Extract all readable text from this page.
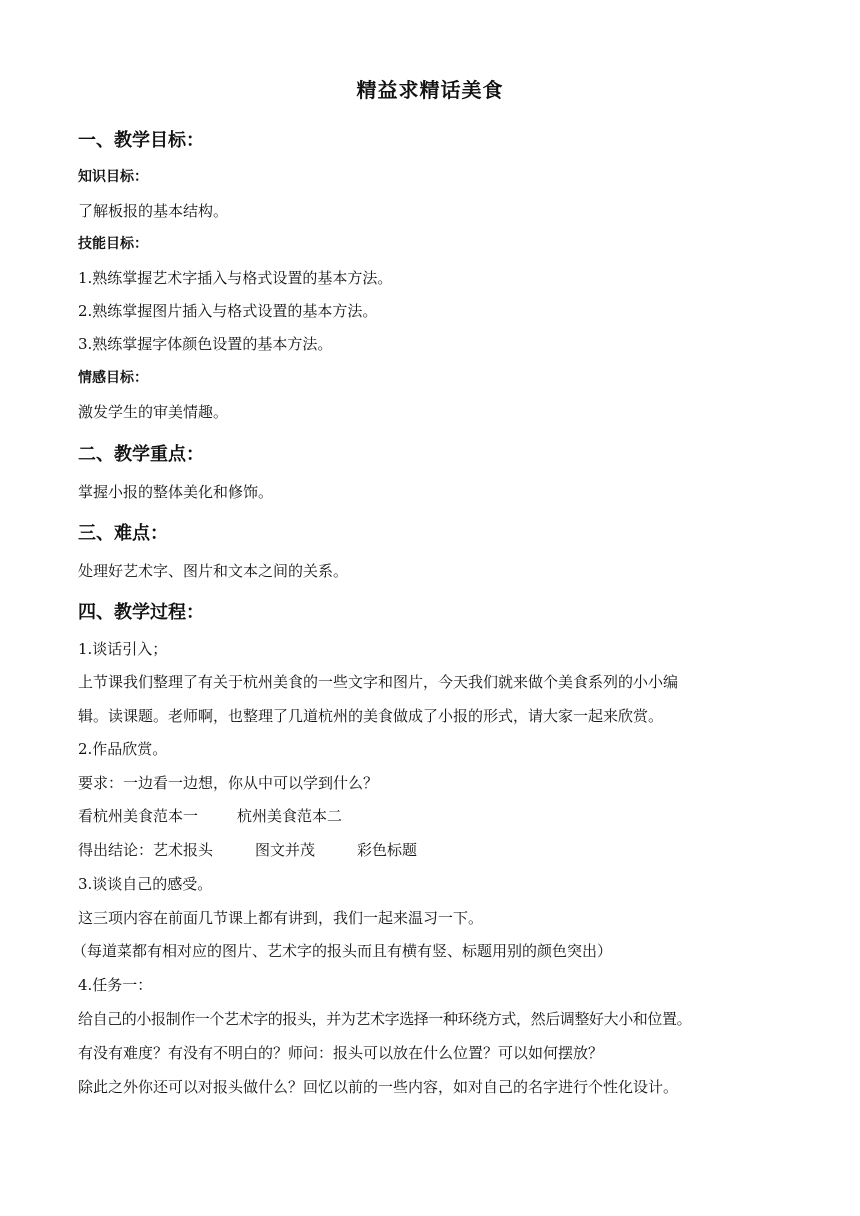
精益求精话美食
一、教学目标：
知识目标：
了解板报的基本结构。
技能目标：
1.熟练掌握艺术字插入与格式设置的基本方法。
2.熟练掌握图片插入与格式设置的基本方法。
3.熟练掌握字体颜色设置的基本方法。
情感目标：
激发学生的审美情趣。
二、教学重点：
掌握小报的整体美化和修饰。
三、难点：
处理好艺术字、图片和文本之间的关系。
四、教学过程：
1.谈话引入；
上节课我们整理了有关于杭州美食的一些文字和图片，今天我们就来做个美食系列的小小编
辑。读课题。老师啊，也整理了几道杭州的美食做成了小报的形式，请大家一起来欣赏。
2.作品欣赏。
要求：一边看一边想，你从中可以学到什么？
看杭州美食范本一	杭州美食范本二
得出结论：艺术报头	图文并茂	彩色标题
3.谈谈自己的感受。
这三项内容在前面几节课上都有讲到，我们一起来温习一下。
（每道菜都有相对应的图片、艺术字的报头而且有横有竖、标题用别的颜色突出）
4.任务一：
给自己的小报制作一个艺术字的报头，并为艺术字选择一种环绕方式，然后调整好大小和位置。
有没有难度？有没有不明白的？师问：报头可以放在什么位置？可以如何摆放？
除此之外你还可以对报头做什么？回忆以前的一些内容，如对自己的名字进行个性化设计。
